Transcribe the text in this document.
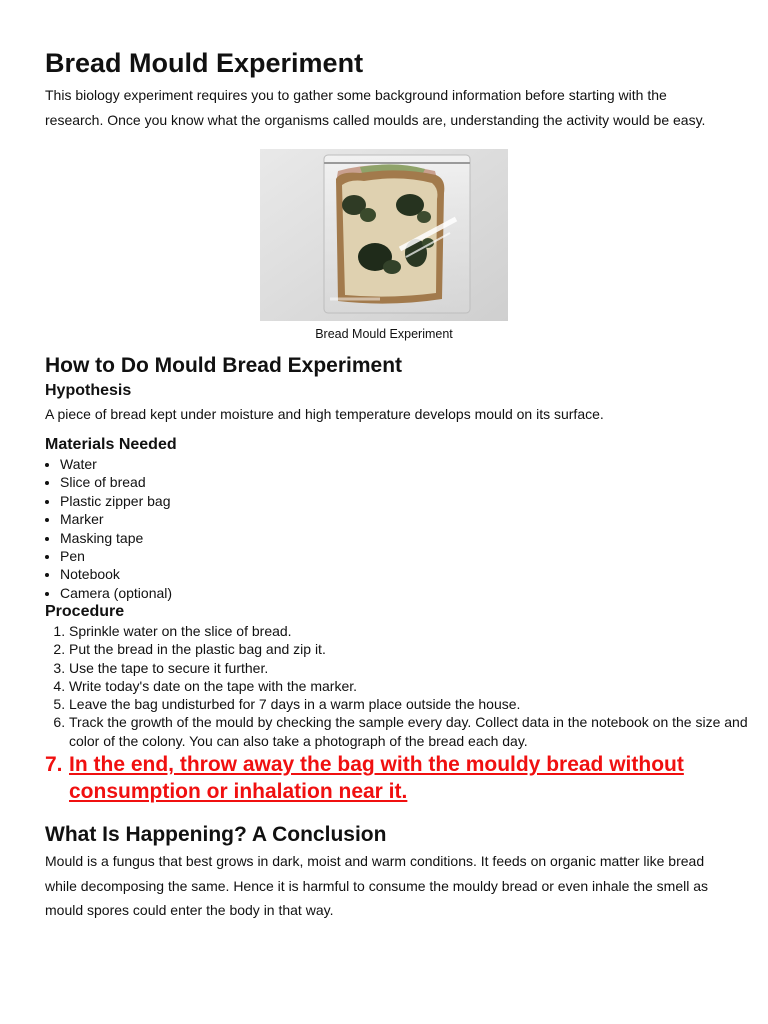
Bread Mould Experiment

This biology experiment requires you to gather some background information before starting with the research. Once you know what the organisms called moulds are, understanding the activity would be easy.

Bread Mould Experiment
How to Do Mould Bread Experiment
Hypothesis

A piece of bread kept under moisture and high temperature develops mould on its surface.

Materials Needed
• Water
• Slice of bread
• Plastic zipper bag
• Marker
• Masking tape
• Pen
• Notebook
• Camera (optional)
Procedure
1. Sprinkle water on the slice of bread.
2. Put the bread in the plastic bag and zip it.
3. Use the tape to secure it further.
4. Write today's date on the tape with the marker.
5. Leave the bag undisturbed for 7 days in a warm place outside the house.
6. Track the growth of the mould by checking the sample every day. Collect data in the notebook on the size and color of the colony. You can also take a photograph of the bread each day.
7. In the end, throw away the bag with the mouldy bread without consumption or inhalation near it.
What Is Happening? A Conclusion

Mould is a fungus that best grows in dark, moist and warm conditions. It feeds on organic matter like bread while decomposing the same. Hence it is harmful to consume the mouldy bread or even inhale the smell as mould spores could enter the body in that way.
